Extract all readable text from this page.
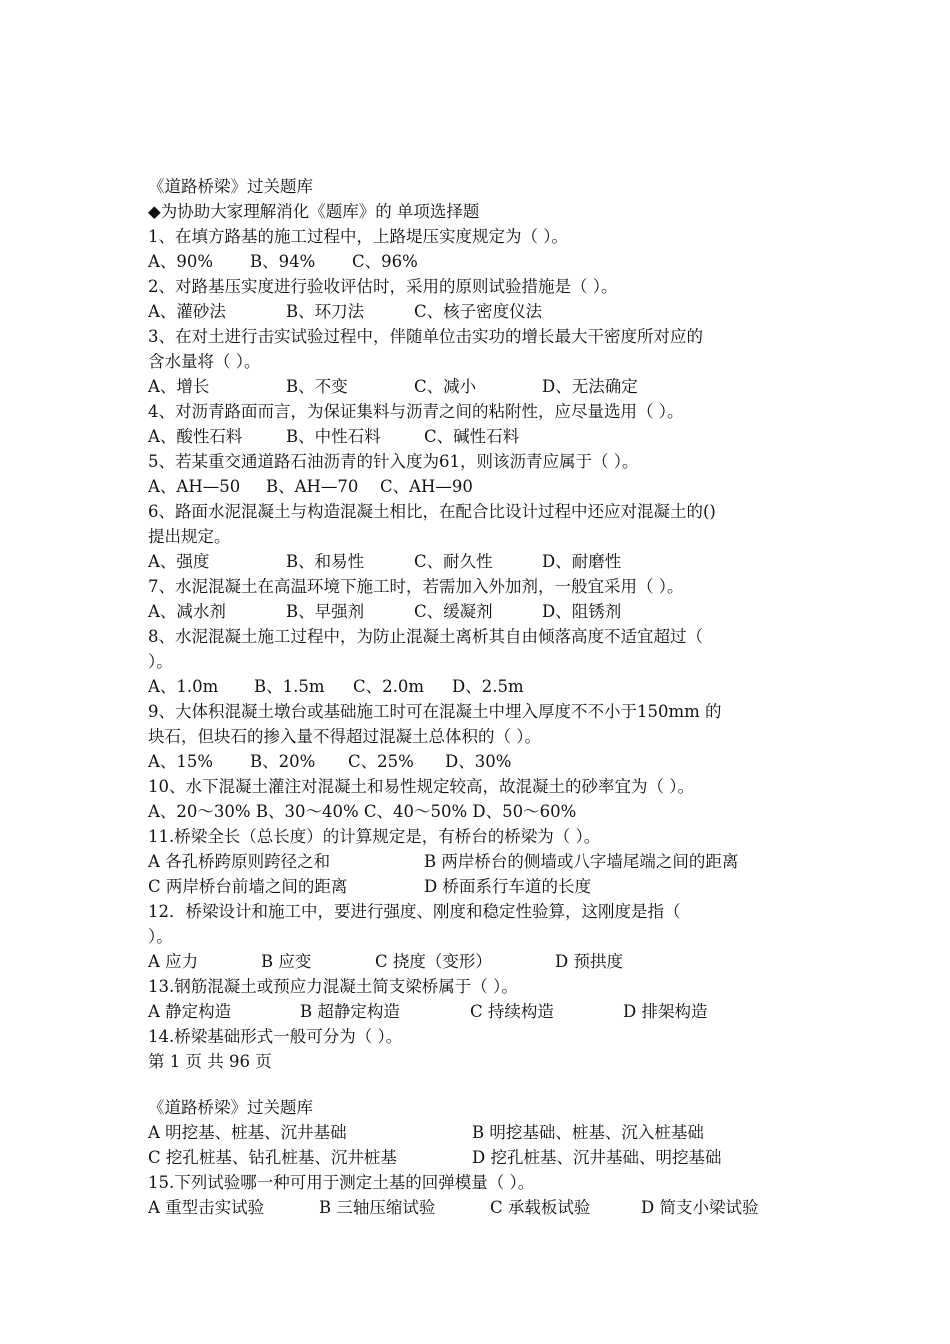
《道路桥梁》过关题库
◆为协助大家理解消化《题库》的 单项选择题
1、在填方路基的施工过程中，上路堤压实度规定为（ ）。
A、90% B、94% C、96%
2、对路基压实度进行验收评估时，采用的原则试验措施是（ ）。
A、灌砂法	B、环刀法	C、核子密度仪法
3、在对土进行击实试验过程中，伴随单位击实功的增长最大干密度所对应的
含水量将（ ）。
A、增长	B、不变	C、减小	D、无法确定
4、对沥青路面而言，为保证集料与沥青之间的粘附性，应尽量选用（ ）。
A、酸性石料	B、中性石料	C、碱性石料
5、若某重交通道路石油沥青的针入度为61，则该沥青应属于（ ）。
A、AH—50 B、AH—70 C、AH—90
6、路面水泥混凝土与构造混凝土相比，在配合比设计过程中还应对混凝土的()
提出规定。
A、强度	B、和易性	C、耐久性	D、耐磨性
7、水泥混凝土在高温环境下施工时，若需加入外加剂，一般宜采用（ ）。
A、减水剂	B、早强剂	C、缓凝剂	D、阻锈剂
8、水泥混凝土施工过程中，为防止混凝土离析其自由倾落高度不适宜超过（
）。
A、1.0m B、1.5m C、2.0m D、2.5m
9、大体积混凝土墩台或基础施工时可在混凝土中埋入厚度不不小于150mm 的
块石，但块石的掺入量不得超过混凝土总体积的（ ）。
A、15% B、20% C、25% D、30%
10、水下混凝土灌注对混凝土和易性规定较高，故混凝土的砂率宜为（ ）。
A、20～30% B、30～40% C、40～50% D、50～60%
11.桥梁全长（总长度）的计算规定是，有桥台的桥梁为（ ）。
A 各孔桥跨原则跨径之和	B 两岸桥台的侧墙或八字墙尾端之间的距离
C 两岸桥台前墙之间的距离	D 桥面系行车道的长度
12．桥梁设计和施工中，要进行强度、刚度和稳定性验算，这刚度是指（
）。
A 应力	B 应变	C 挠度（变形）	D 预拱度
13.钢筋混凝土或预应力混凝土简支梁桥属于（ ）。
A 静定构造	B 超静定构造	C 持续构造	D 排架构造
14.桥梁基础形式一般可分为（ ）。
第 1 页 共 96 页
《道路桥梁》过关题库
A 明挖基、桩基、沉井基础	B 明挖基础、桩基、沉入桩基础
C 挖孔桩基、钻孔桩基、沉井桩基	D 挖孔桩基、沉井基础、明挖基础
15.下列试验哪一种可用于测定土基的回弹模量（ ）。
A 重型击实试验	B 三轴压缩试验	C 承载板试验	D 简支小梁试验
